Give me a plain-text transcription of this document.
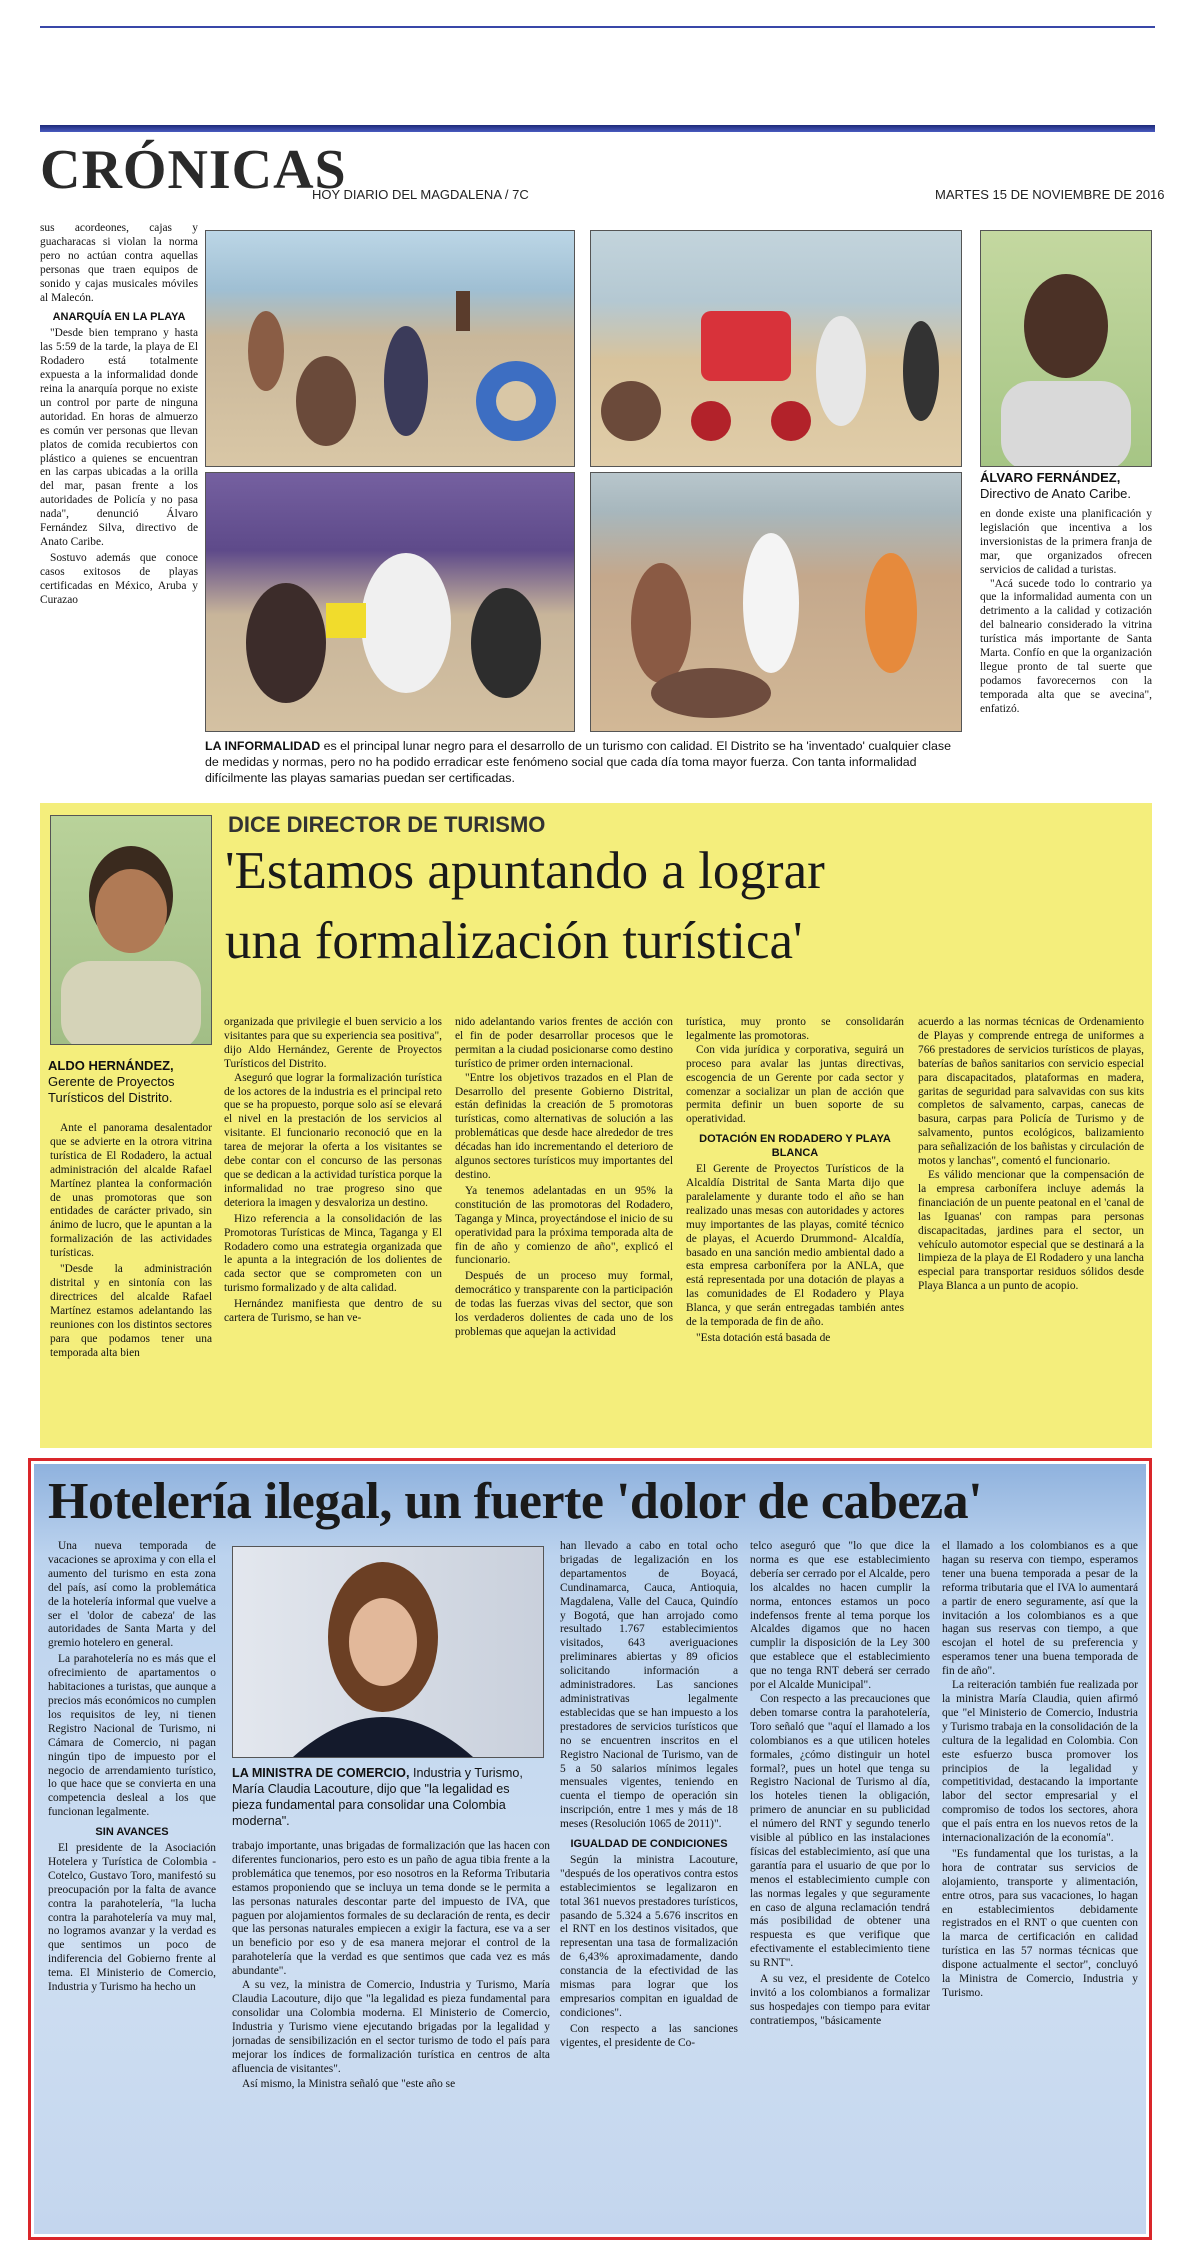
CRÓNICAS
HOY DIARIO DEL MAGDALENA / 7C	MARTES 15 DE NOVIEMBRE DE 2016
sus acordeones, cajas y guacharacas si violan la norma pero no actúan contra aquellas personas que traen equipos de sonido y cajas musicales móviles al Malecón.
ANARQUÍA EN LA PLAYA

"Desde bien temprano y hasta las 5:59 de la tarde, la playa de El Rodadero está totalmente expuesta a la informalidad donde reina la anarquía porque no existe un control por parte de ninguna autoridad. En horas de almuerzo es común ver personas que llevan platos de comida recubiertos con plástico a quienes se encuentran en las carpas ubicadas a la orilla del mar, pasan frente a los autoridades de Policía y no pasa nada", denunció Álvaro Fernández Silva, directivo de Anato Caribe.

Sostuvo además que conoce casos exitosos de playas certificadas en México, Aruba y Curazao

LA INFORMALIDAD es el principal lunar negro para el desarrollo de un turismo con calidad. El Distrito se ha 'inventado' cualquier clase de medidas y normas, pero no ha podido erradicar este fenómeno social que cada día toma mayor fuerza. Con tanta informalidad difícilmente las playas samarias puedan ser certificadas.
ÁLVARO FERNÁNDEZ,
Directivo de Anato Caribe.
en donde existe una planificación y legislación que incentiva a los inversionistas de la primera franja de mar, que organizados ofrecen servicios de calidad a turistas.

"Acá sucede todo lo contrario ya que la informalidad aumenta con un detrimento a la calidad y cotización del balneario considerado la vitrina turística más importante de Santa Marta. Confío en que la organización llegue pronto de tal suerte que podamos favorecernos con la temporada alta que se avecina", enfatizó.

DICE DIRECTOR DE TURISMO
'Estamos apuntando a lograr
una formalización turística'
ALDO HERNÁNDEZ,
Gerente de Proyectos Turísticos del Distrito.

Ante el panorama desalentador que se advierte en la otrora vitrina turística de El Rodadero, la actual administración del alcalde Rafael Martínez plantea la conformación de unas promotoras que son entidades de carácter privado, sin ánimo de lucro, que le apuntan a la formalización de las actividades turísticas.

"Desde la administración distrital y en sintonía con las directrices del alcalde Rafael Martínez estamos adelantando las reuniones con los distintos sectores para que podamos tener una temporada alta bien

organizada que privilegie el buen servicio a los visitantes para que su experiencia sea positiva", dijo Aldo Hernández, Gerente de Proyectos Turísticos del Distrito.

Aseguró que lograr la formalización turística de los actores de la industria es el principal reto que se ha propuesto, porque solo así se elevará el nivel en la prestación de los servicios al visitante. El funcionario reconoció que en la tarea de mejorar la oferta a los visitantes se debe contar con el concurso de las personas que se dedican a la actividad turística porque la informalidad no trae progreso sino que deteriora la imagen y desvaloriza un destino.

Hizo referencia a la consolidación de las Promotoras Turísticas de Minca, Taganga y El Rodadero como una estrategia organizada que le apunta a la integración de los dolientes de cada sector que se comprometen con un turismo formalizado y de alta calidad.

Hernández manifiesta que dentro de su cartera de Turismo, se han ve-

nido adelantando varios frentes de acción con el fin de poder desarrollar procesos que le permitan a la ciudad posicionarse como destino turístico de primer orden internacional.

"Entre los objetivos trazados en el Plan de Desarrollo del presente Gobierno Distrital, están definidas la creación de 5 promotoras turísticas, como alternativas de solución a las problemáticas que desde hace alrededor de tres décadas han ido incrementando el deterioro de algunos sectores turísticos muy importantes del destino.

Ya tenemos adelantadas en un 95% la constitución de las promotoras del Rodadero, Taganga y Minca, proyectándose el inicio de su operatividad para la próxima temporada alta de fin de año y comienzo de año", explicó el funcionario.

Después de un proceso muy formal, democrático y transparente con la participación de todas las fuerzas vivas del sector, que son los verdaderos dolientes de cada uno de los problemas que aquejan la actividad

turística, muy pronto se consolidarán legalmente las promotoras.

Con vida jurídica y corporativa, seguirá un proceso para avalar las juntas directivas, escogencia de un Gerente por cada sector y comenzar a socializar un plan de acción que permita definir un buen soporte de su operatividad.

DOTACIÓN EN RODADERO Y PLAYA BLANCA

El Gerente de Proyectos Turísticos de la Alcaldía Distrital de Santa Marta dijo que paralelamente y durante todo el año se han realizado unas mesas con autoridades y actores muy importantes de las playas, comité técnico de playas, el Acuerdo Drummond- Alcaldía, basado en una sanción medio ambiental dado a esta empresa carbonífera por la ANLA, que está representada por una dotación de playas a las comunidades de El Rodadero y Playa Blanca, y que serán entregadas también antes de la temporada de fin de año.

"Esta dotación está basada de

acuerdo a las normas técnicas de Ordenamiento de Playas y comprende entrega de uniformes a 766 prestadores de servicios turísticos de playas, baterías de baños sanitarios con servicio especial para discapacitados, plataformas en madera, garitas de seguridad para salvavidas con sus kits completos de salvamento, carpas, canecas de basura, carpas para Policía de Turismo y de salvamento, puntos ecológicos, balizamiento para señalización de los bañistas y circulación de motos y lanchas", comentó el funcionario.

Es válido mencionar que la compensación de la empresa carbonífera incluye además la financiación de un puente peatonal en el 'canal de las Iguanas' con rampas para personas discapacitadas, jardines para el sector, un vehículo automotor especial que se destinará a la limpieza de la playa de El Rodadero y una lancha especial para transportar residuos sólidos desde Playa Blanca a un punto de acopio.

Hotelería ilegal, un fuerte 'dolor de cabeza'

Una nueva temporada de vacaciones se aproxima y con ella el aumento del turismo en esta zona del país, así como la problemática de la hotelería informal que vuelve a ser el 'dolor de cabeza' de las autoridades de Santa Marta y del gremio hotelero en general.

La parahotelería no es más que el ofrecimiento de apartamentos o habitaciones a turistas, que aunque a precios más económicos no cumplen los requisitos de ley, ni tienen Registro Nacional de Turismo, ni Cámara de Comercio, ni pagan ningún tipo de impuesto por el negocio de arrendamiento turístico, lo que hace que se convierta en una competencia desleal a los que funcionan legalmente.

SIN AVANCES

El presidente de la Asociación Hotelera y Turística de Colombia - Cotelco, Gustavo Toro, manifestó su preocupación por la falta de avance contra la parahotelería, "la lucha contra la parahotelería va muy mal, no logramos avanzar y la verdad es que sentimos un poco de indiferencia del Gobierno frente al tema. El Ministerio de Comercio, Industria y Turismo ha hecho un

LA MINISTRA DE COMERCIO, Industria y Turismo, María Claudia Lacouture, dijo que "la legalidad es pieza fundamental para consolidar una Colombia moderna".
trabajo importante, unas brigadas de formalización que las hacen con diferentes funcionarios, pero esto es un paño de agua tibia frente a la problemática que tenemos, por eso nosotros en la Reforma Tributaria estamos proponiendo que se incluya un tema donde se le permita a las personas naturales descontar parte del impuesto de IVA, que paguen por alojamientos formales de su declaración de renta, es decir que las personas naturales empiecen a exigir la factura, ese va a ser un beneficio por eso y de esa manera mejorar el control de la parahotelería que la verdad es que sentimos que cada vez es más abundante".

A su vez, la ministra de Comercio, Industria y Turismo, María Claudia Lacouture, dijo que "la legalidad es pieza fundamental para consolidar una Colombia moderna. El Ministerio de Comercio, Industria y Turismo viene ejecutando brigadas por la legalidad y jornadas de sensibilización en el sector turismo de todo el país para mejorar los índices de formalización turística en centros de alta afluencia de visitantes".

Así mismo, la Ministra señaló que "este año se

han llevado a cabo en total ocho brigadas de legalización en los departamentos de Boyacá, Cundinamarca, Cauca, Antioquia, Magdalena, Valle del Cauca, Quindío y Bogotá, que han arrojado como resultado 1.767 establecimientos visitados, 643 averiguaciones preliminares abiertas y 89 oficios solicitando información a administradores. Las sanciones administrativas legalmente establecidas que se han impuesto a los prestadores de servicios turísticos que no se encuentren inscritos en el Registro Nacional de Turismo, van de 5 a 50 salarios mínimos legales mensuales vigentes, teniendo en cuenta el tiempo de operación sin inscripción, entre 1 mes y más de 18 meses (Resolución 1065 de 2011)".
IGUALDAD DE CONDICIONES

Según la ministra Lacouture, "después de los operativos contra estos establecimientos se legalizaron en total 361 nuevos prestadores turísticos, pasando de 5.324 a 5.676 inscritos en el RNT en los destinos visitados, que representan una tasa de formalización de 6,43% aproximadamente, dando constancia de la efectividad de las mismas para lograr que los empresarios compitan en igualdad de condiciones".

Con respecto a las sanciones vigentes, el presidente de Co-

telco aseguró que "lo que dice la norma es que ese establecimiento debería ser cerrado por el Alcalde, pero los alcaldes no hacen cumplir la norma, entonces estamos un poco indefensos frente al tema porque los Alcaldes digamos que no hacen cumplir la disposición de la Ley 300 que establece que el establecimiento que no tenga RNT deberá ser cerrado por el Alcalde Municipal".

Con respecto a las precauciones que deben tomarse contra la parahotelería, Toro señaló que "aquí el llamado a los colombianos es a que utilicen hoteles formales, ¿cómo distinguir un hotel formal?, pues un hotel que tenga su Registro Nacional de Turismo al día, los hoteles tienen la obligación, primero de anunciar en su publicidad el número del RNT y segundo tenerlo visible al público en las instalaciones físicas del establecimiento, así que una garantía para el usuario de que por lo menos el establecimiento cumple con las normas legales y que seguramente en caso de alguna reclamación tendrá más posibilidad de obtener una respuesta es que verifique que efectivamente el establecimiento tiene su RNT".

A su vez, el presidente de Cotelco invitó a los colombianos a formalizar sus hospedajes con tiempo para evitar contratiempos, "básicamente

el llamado a los colombianos es a que hagan su reserva con tiempo, esperamos tener una buena temporada a pesar de la reforma tributaria que el IVA lo aumentará a partir de enero seguramente, así que la invitación a los colombianos es a que hagan sus reservas con tiempo, a que escojan el hotel de su preferencia y esperamos tener una buena temporada de fin de año".

La reiteración también fue realizada por la ministra María Claudia, quien afirmó que "el Ministerio de Comercio, Industria y Turismo trabaja en la consolidación de la cultura de la legalidad en Colombia. Con este esfuerzo busca promover los principios de la legalidad y competitividad, destacando la importante labor del sector empresarial y el compromiso de todos los sectores, ahora que el país entra en los nuevos retos de la internacionalización de la economía".

"Es fundamental que los turistas, a la hora de contratar sus servicios de alojamiento, transporte y alimentación, entre otros, para sus vacaciones, lo hagan en establecimientos debidamente registrados en el RNT o que cuenten con la marca de certificación en calidad turística en las 57 normas técnicas que dispone actualmente el sector", concluyó la Ministra de Comercio, Industria y Turismo.
